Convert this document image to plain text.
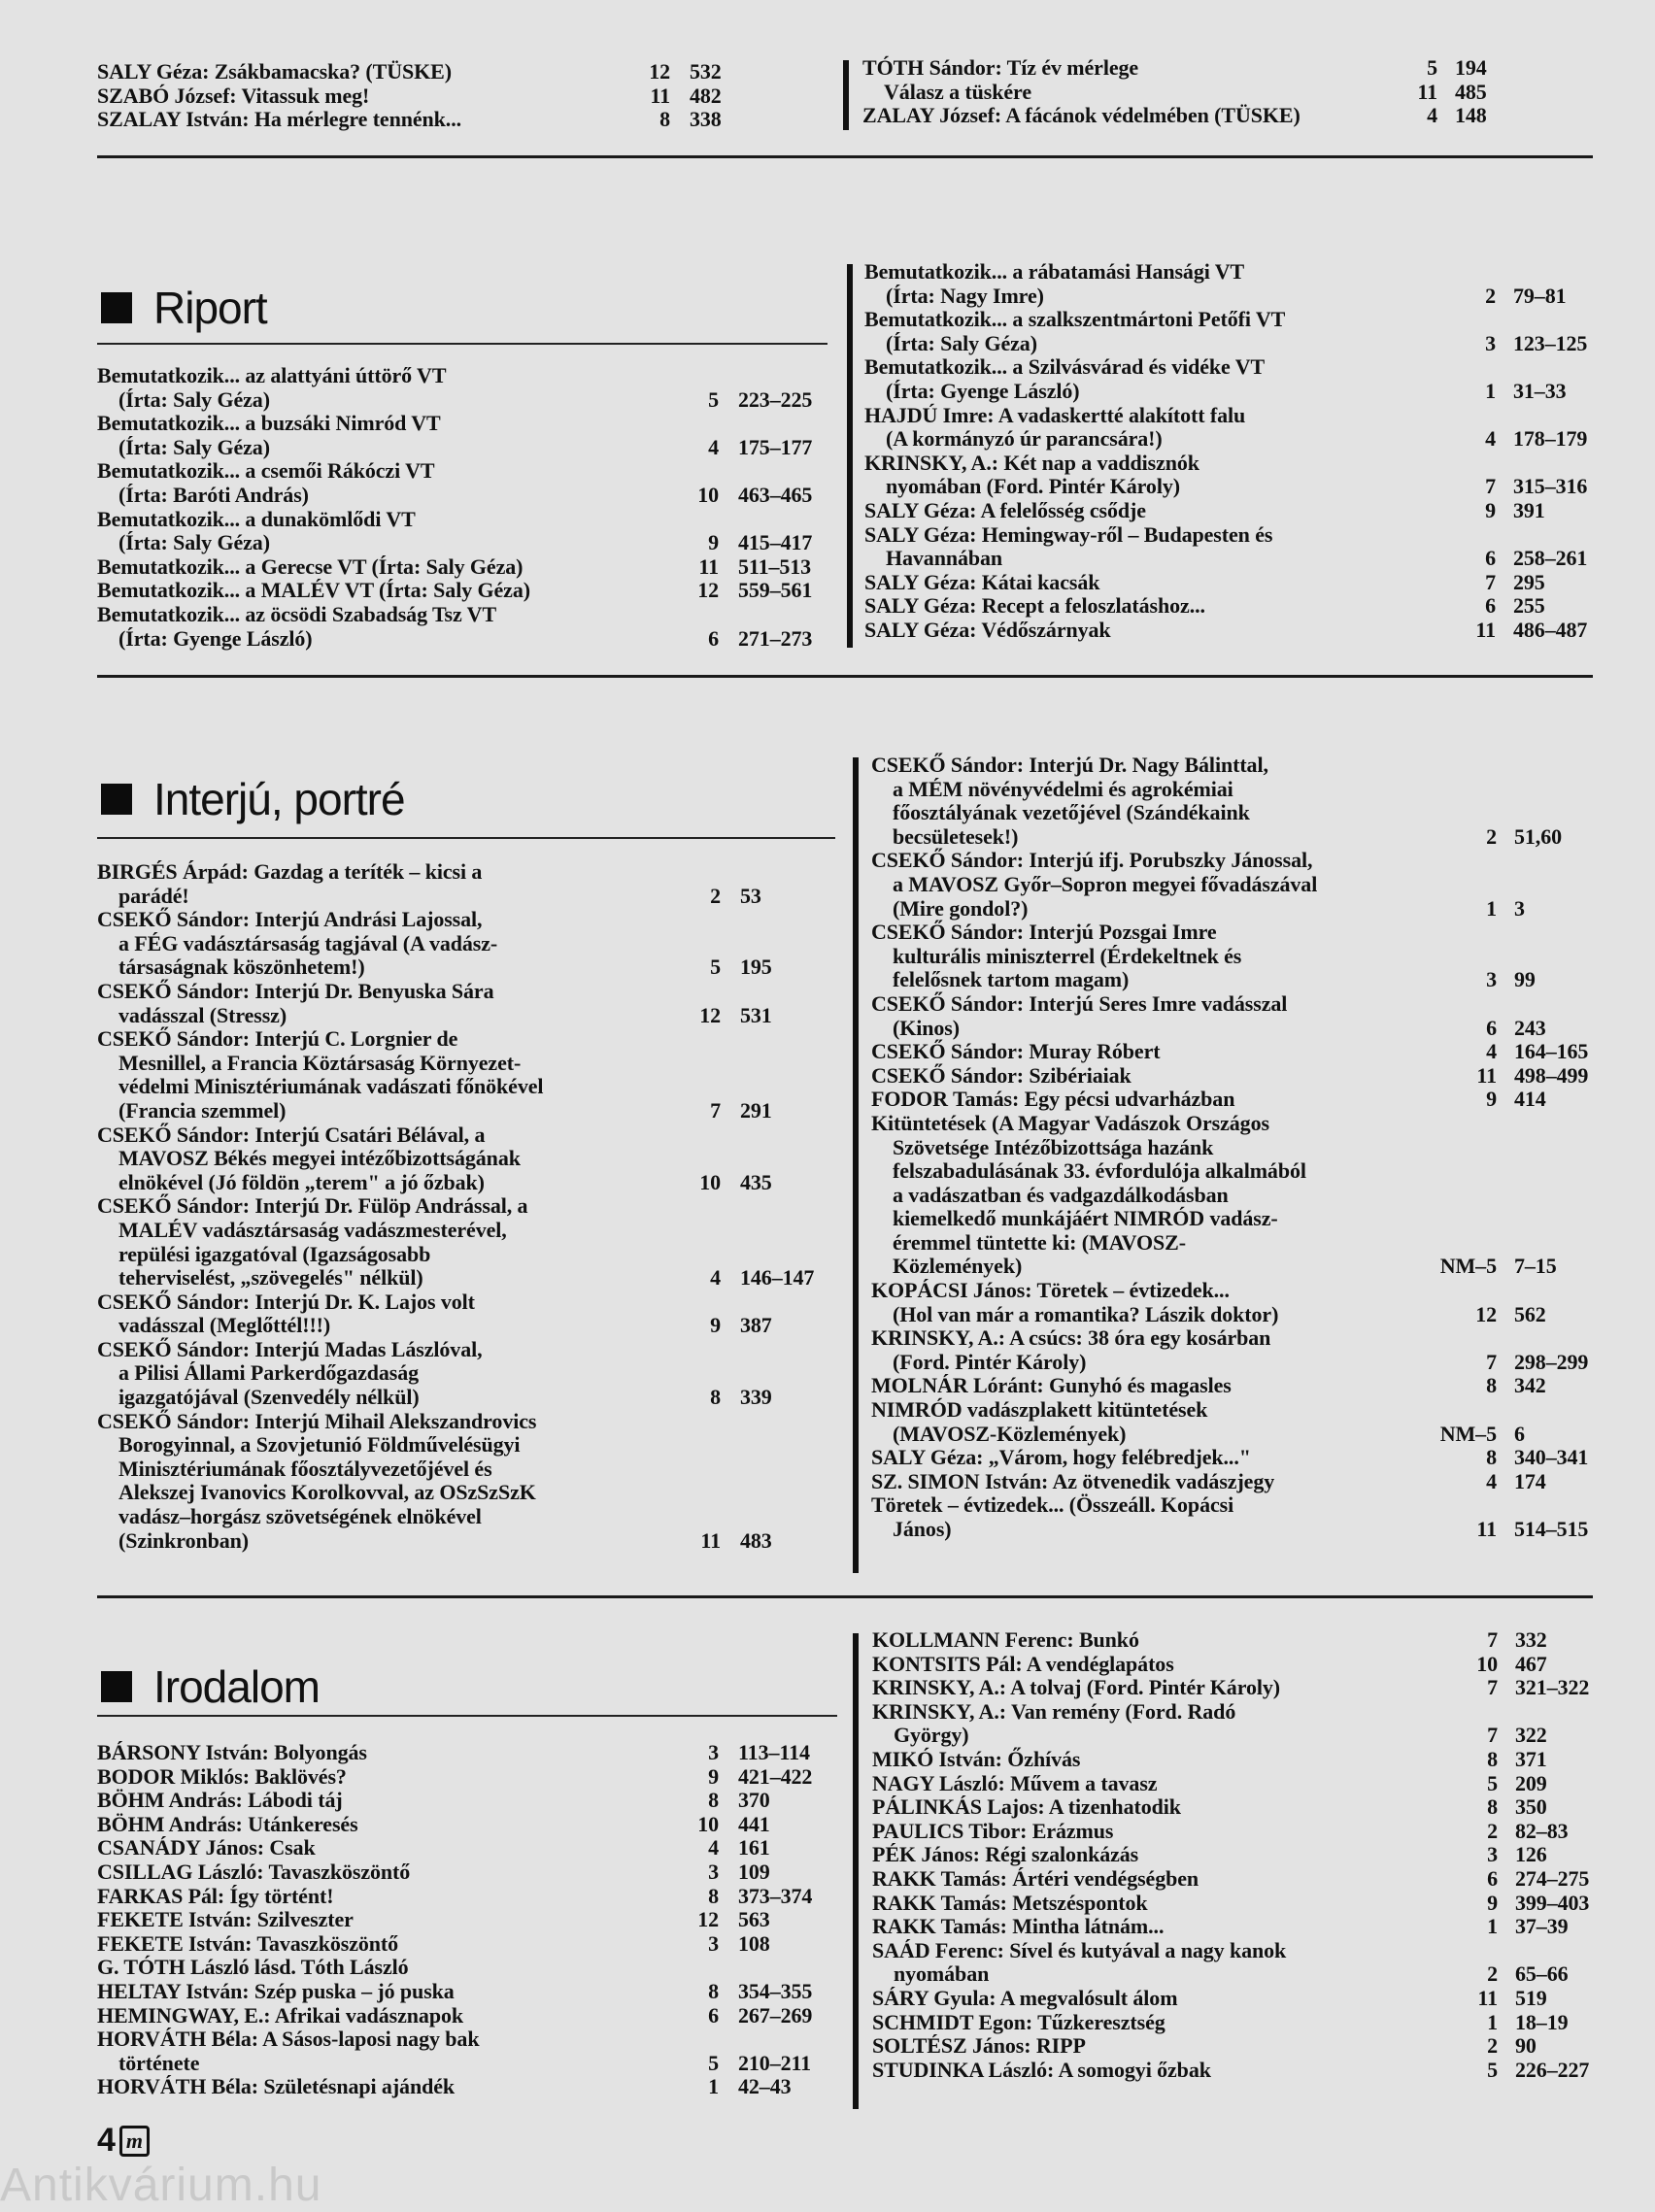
SALY Géza: Zsákbamacska? (TÜSKE)	12 532
SZABÓ József: Vitassuk meg!	11 482
SZALAY István: Ha mérlegre tennénk...	8 338
TÓTH Sándor: Tíz év mérlege	5 194
Válasz a tüskére	11 485
ZALAY József: A fácánok védelmében (TÜSKE)	4 148
Riport
Bemutatkozik... az alattyáni úttörő VT
(Írta: Saly Géza)	5 223–225
Bemutatkozik... a buzsáki Nimród VT
(Írta: Saly Géza)	4 175–177
Bemutatkozik... a csemői Rákóczi VT
(Írta: Baróti András)	10 463–465
Bemutatkozik... a dunakömlődi VT
(Írta: Saly Géza)	9 415–417
Bemutatkozik... a Gerecse VT (Írta: Saly Géza)	11 511–513
Bemutatkozik... a MALÉV VT (Írta: Saly Géza)	12 559–561
Bemutatkozik... az öcsödi Szabadság Tsz VT
(Írta: Gyenge László)	6 271–273
Bemutatkozik... a rábatamási Hansági VT
(Írta: Nagy Imre)	2 79–81
Bemutatkozik... a szalkszentmártoni Petőfi VT
(Írta: Saly Géza)	3 123–125
Bemutatkozik... a Szilvásvárad és vidéke VT
(Írta: Gyenge László)	1 31–33
HAJDÚ Imre: A vadaskertté alakított falu
(A kormányzó úr parancsára!)	4 178–179
KRINSKY, A.: Két nap a vaddisznók
nyomában (Ford. Pintér Károly)	7 315–316
SALY Géza: A felelősség csődje	9 391
SALY Géza: Hemingway-ről – Budapesten és
Havannában	6 258–261
SALY Géza: Kátai kacsák	7 295
SALY Géza: Recept a feloszlatáshoz...	6 255
SALY Géza: Védőszárnyak	11 486–487
Interjú, portré
BIRGÉS Árpád: Gazdag a teríték – kicsi a
parádé!	2 53
CSEKŐ Sándor: Interjú Andrási Lajossal,
a FÉG vadásztársaság tagjával (A vadász-
társaságnak köszönhetem!)	5 195
CSEKŐ Sándor: Interjú Dr. Benyuska Sára
vadásszal (Stressz)	12 531
CSEKŐ Sándor: Interjú C. Lorgnier de
Mesnillel, a Francia Köztársaság Környezet-
védelmi Minisztériumának vadászati főnökével
(Francia szemmel)	7 291
CSEKŐ Sándor: Interjú Csatári Bélával, a
MAVOSZ Békés megyei intézőbizottságának
elnökével (Jó földön „terem" a jó őzbak)	10 435
CSEKŐ Sándor: Interjú Dr. Fülöp Andrással, a
MALÉV vadásztársaság vadászmesterével,
repülési igazgatóval (Igazságosabb
teherviselést, „szövegelés" nélkül)	4 146–147
CSEKŐ Sándor: Interjú Dr. K. Lajos volt
vadásszal (Meglőttél!!!)	9 387
CSEKŐ Sándor: Interjú Madas Lászlóval,
a Pilisi Állami Parkerdőgazdaság
igazgatójával (Szenvedély nélkül)	8 339
CSEKŐ Sándor: Interjú Mihail Alekszandrovics
Borogyinnal, a Szovjetunió Földművelésügyi
Minisztériumának főosztályvezetőjével és
Alekszej Ivanovics Korolkovval, az OSzSzSzK
vadász–horgász szövetségének elnökével
(Szinkronban)	11 483
CSEKŐ Sándor: Interjú Dr. Nagy Bálinttal,
a MÉM növényvédelmi és agrokémiai
főosztályának vezetőjével (Szándékaink
becsületesek!)	2 51,60
CSEKŐ Sándor: Interjú ifj. Porubszky Jánossal,
a MAVOSZ Győr–Sopron megyei fővadászával
(Mire gondol?)	1 3
CSEKŐ Sándor: Interjú Pozsgai Imre
kulturális miniszterrel (Érdekeltnek és
felelősnek tartom magam)	3 99
CSEKŐ Sándor: Interjú Seres Imre vadásszal
(Kinos)	6 243
CSEKŐ Sándor: Muray Róbert	4 164–165
CSEKŐ Sándor: Szibériaiak	11 498–499
FODOR Tamás: Egy pécsi udvarházban	9 414
Kitüntetések (A Magyar Vadászok Országos
Szövetsége Intézőbizottsága hazánk
felszabadulásának 33. évfordulója alkalmából
a vadászatban és vadgazdálkodásban
kiemelkedő munkájáért NIMRÓD vadász-
éremmel tüntette ki: (MAVOSZ-
Közlemények)	NM–5 7–15
KOPÁCSI János: Töretek – évtizedek...
(Hol van már a romantika? Lászik doktor)	12 562
KRINSKY, A.: A csúcs: 38 óra egy kosárban
(Ford. Pintér Károly)	7 298–299
MOLNÁR Lóránt: Gunyhó és magasles	8 342
NIMRÓD vadászplakett kitüntetések
(MAVOSZ-Közlemények)	NM–5 6
SALY Géza: „Várom, hogy felébredjek..."	8 340–341
SZ. SIMON István: Az ötvenedik vadászjegy	4 174
Töretek – évtizedek... (Összeáll. Kopácsi
János)	11 514–515
Irodalom
BÁRSONY István: Bolyongás	3 113–114
BODOR Miklós: Baklövés?	9 421–422
BÖHM András: Lábodi táj	8 370
BÖHM András: Utánkeresés	10 441
CSANÁDY János: Csak	4 161
CSILLAG László: Tavaszköszöntő	3 109
FARKAS Pál: Így történt!	8 373–374
FEKETE István: Szilveszter	12 563
FEKETE István: Tavaszköszöntő	3 108
G. TÓTH László lásd. Tóth László
HELTAY István: Szép puska – jó puska	8 354–355
HEMINGWAY, E.: Afrikai vadásznapok	6 267–269
HORVÁTH Béla: A Sásos-laposi nagy bak
története	5 210–211
HORVÁTH Béla: Születésnapi ajándék	1 42–43
KOLLMANN Ferenc: Bunkó	7 332
KONTSITS Pál: A vendéglapátos	10 467
KRINSKY, A.: A tolvaj (Ford. Pintér Károly)	7 321–322
KRINSKY, A.: Van remény (Ford. Radó
György)	7 322
MIKÓ István: Őzhívás	8 371
NAGY László: Művem a tavasz	5 209
PÁLINKÁS Lajos: A tizenhatodik	8 350
PAULICS Tibor: Erázmus	2 82–83
PÉK János: Régi szalonkázás	3 126
RAKK Tamás: Ártéri vendégségben	6 274–275
RAKK Tamás: Metszéspontok	9 399–403
RAKK Tamás: Mintha látnám...	1 37–39
SAÁD Ferenc: Sível és kutyával a nagy kanok
nyomában	2 65–66
SÁRY Gyula: A megvalósult álom	11 519
SCHMIDT Egon: Tűzkeresztség	1 18–19
SOLTÉSZ János: RIPP	2 90
STUDINKA László: A somogyi őzbak	5 226–227
4 m
Antikvárium.hu
